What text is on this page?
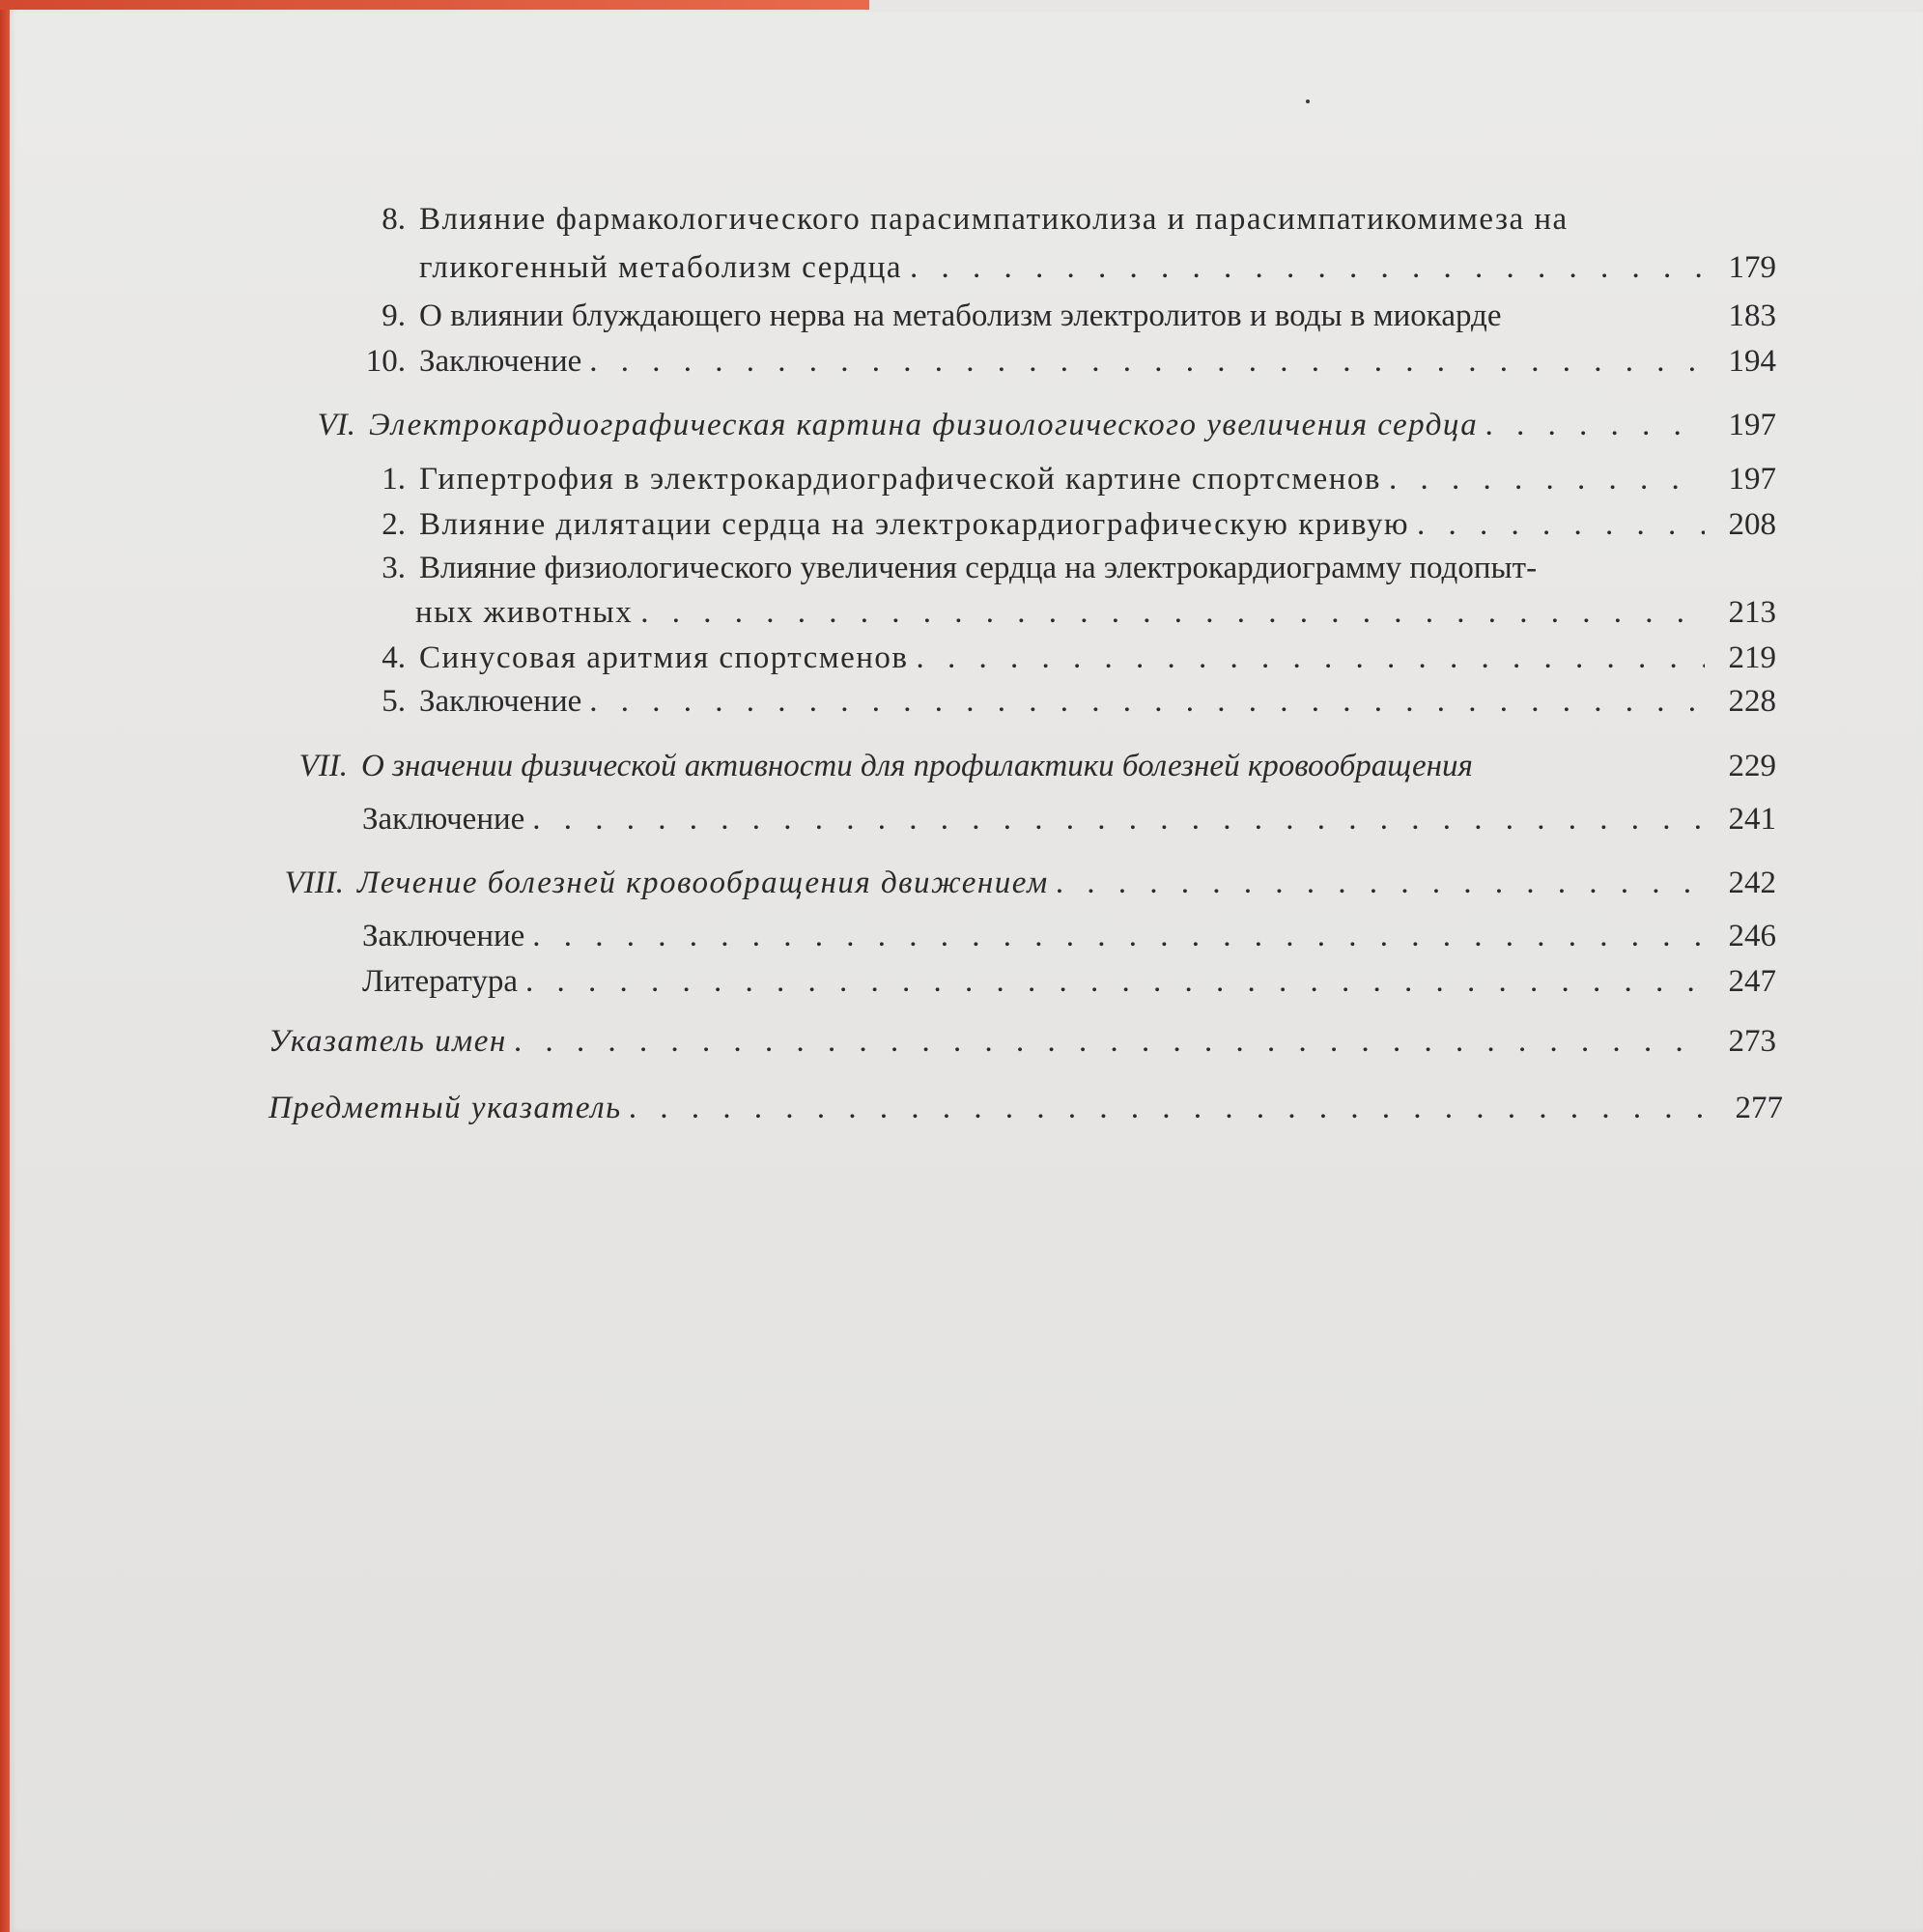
8. Влияние фармакологического парасимпатиколиза и парасимпатикомимеза на
гликогенный метаболизм сердца . . .	179
9. О влиянии блуждающего нерва на метаболизм электролитов и воды в миокарде	183
10. Заключение . . .	194
VI. Электрокардиографическая картина физиологического увеличения сердца . . .	197
1. Гипертрофия в электрокардиографической картине спортсменов . . .	197
2. Влияние дилятации сердца на электрокардиографическую кривую . . .	208
3. Влияние физиологического увеличения сердца на электрокардиограмму подопыт-
ных животных . . .	213
4. Синусовая аритмия спортсменов . . .	219
5. Заключение . . .	228
VII. О значении физической активности для профилактики болезней кровообращения	229
Заключение . . .	241
VIII. Лечение болезней кровообращения движением . . .	242
Заключение . . .	246
Литература . . .	247
Указатель имен . . .	273
Предметный указатель . . .	277
